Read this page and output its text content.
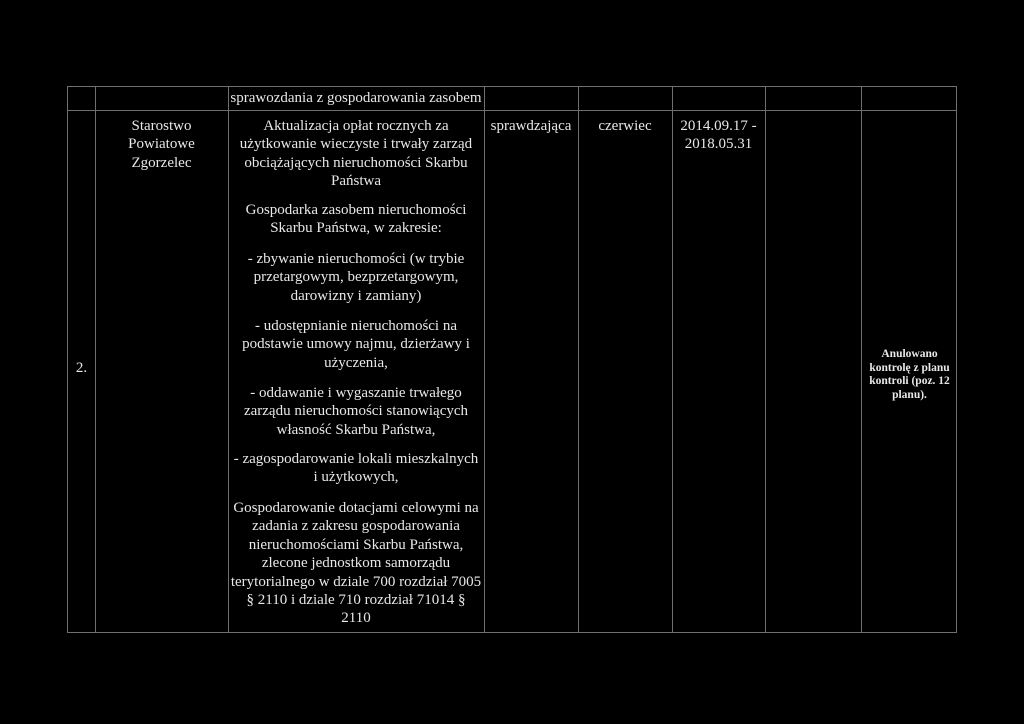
sprawozdania z gospodarowania zasobem
2.
Starostwo
Powiatowe
Zgorzelec
Aktualizacja opłat rocznych za
użytkowanie wieczyste i trwały zarząd
obciążających nieruchomości Skarbu
Państwa
Gospodarka zasobem nieruchomości
Skarbu Państwa, w zakresie:
- zbywanie nieruchomości (w trybie
przetargowym, bezprzetargowym,
darowizny i zamiany)
- udostępnianie nieruchomości na
podstawie umowy najmu, dzierżawy i
użyczenia,
- oddawanie i wygaszanie trwałego
zarządu nieruchomości stanowiących
własność Skarbu Państwa,
- zagospodarowanie lokali mieszkalnych
i użytkowych,
Gospodarowanie dotacjami celowymi na
zadania z zakresu gospodarowania
nieruchomościami Skarbu Państwa,
zlecone jednostkom samorządu
terytorialnego w dziale 700 rozdział 7005
§ 2110 i dziale 710 rozdział 71014 §
2110
sprawdzająca	czerwiec	2014.09.17 -
2018.05.31
Anulowano kontrolę z planu kontroli (poz. 12 planu).
